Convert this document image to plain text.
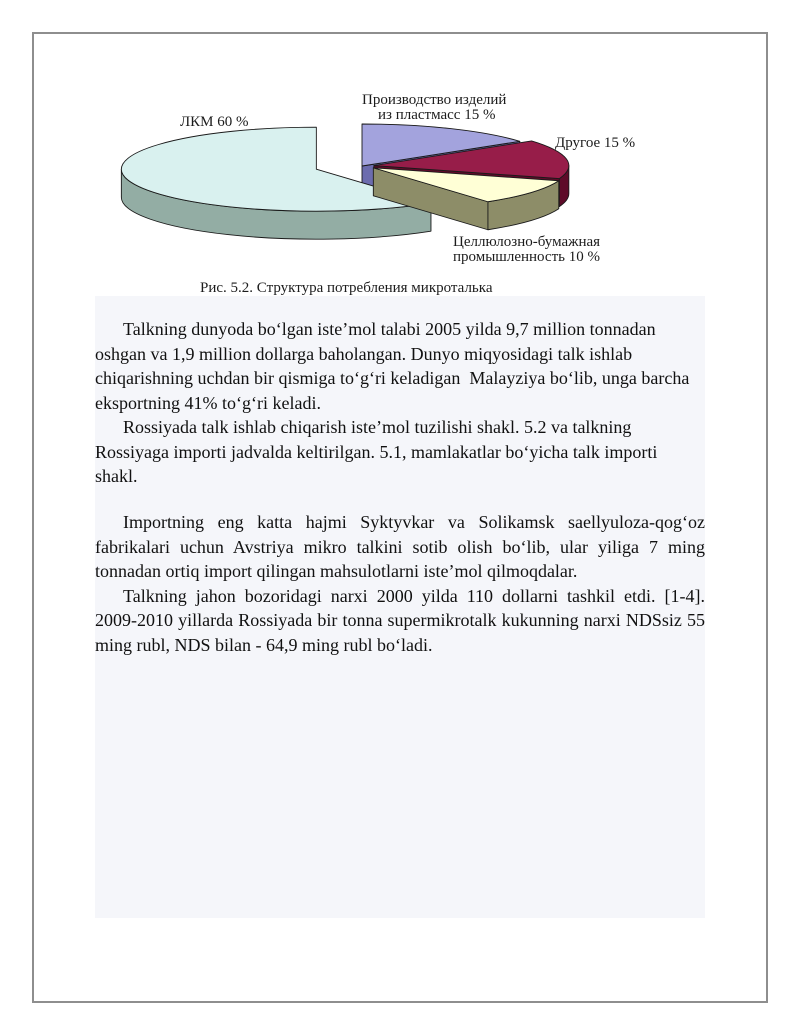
Производство изделий
из пластмасс 15 %
Другое 15 %
Целлюлозно-бумажная
промышленность 10 %
ЛКМ 60 %
Рис. 5.2. Структура потребления микроталька
Talkning dunyoda bo‘lgan iste’mol talabi 2005 yilda 9,7 million tonnadan
oshgan va 1,9 million dollarga baholangan. Dunyo miqyosidagi talk ishlab
chiqarishning uchdan bir qismiga to‘g‘ri keladigan  Malayziya bo‘lib, unga barcha
eksportning 41% to‘g‘ri keladi.
Rossiyada talk ishlab chiqarish iste’mol tuzilishi shakl. 5.2 va talkning
Rossiyaga importi jadvalda keltirilgan. 5.1, mamlakatlar bo‘yicha talk importi
shakl.
Importning eng katta hajmi Syktyvkar va Solikamsk saellyuloza-qog‘oz
fabrikalari uchun Avstriya mikro talkini sotib olish bo‘lib, ular yiliga 7 ming
tonnadan ortiq import qilingan mahsulotlarni iste’mol qilmoqdalar.
Talkning jahon bozoridagi narxi 2000 yilda 110 dollarni tashkil etdi. [1-4].
2009-2010 yillarda Rossiyada bir tonna supermikrotalk kukunning narxi NDSsiz 55
ming rubl, NDS bilan - 64,9 ming rubl bo‘ladi.
